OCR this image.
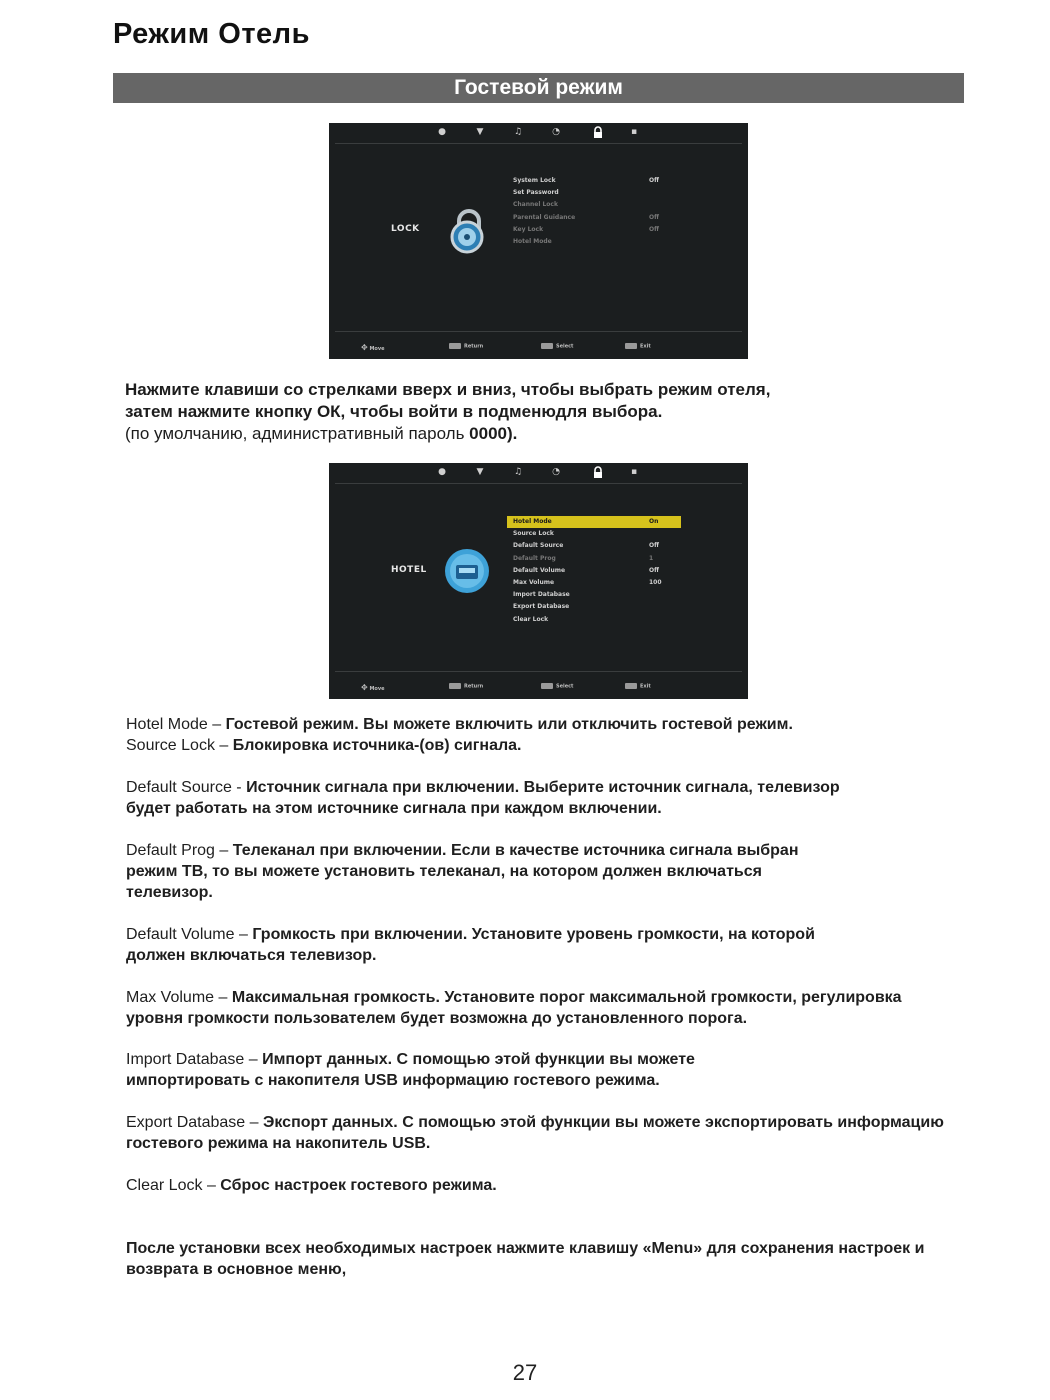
Режим Отель
Гостевой режим
●	▼	♫	◔	▪
LOCK
System Lock	Off
Set Password
Channel Lock
Parental Guidance	Off
Key Lock	Off
Hotel Mode
✥ Move	Return	Select	Exit

Нажмите клавиши со стрелками вверх и вниз, чтобы выбрать режим отеля,
затем нажмите кнопку ОК, чтобы войти в подменюдля выбора.
(по умолчанию, административный пароль 0000).

●	▼	♫	◔	▪
HOTEL
Hotel Mode	On
Source Lock
Default Source	Off
Default Prog	1
Default Volume	Off
Max Volume	100
Import Database
Export Database
Clear Lock
✥ Move	Return	Select	Exit

Hotel Mode – Гостевой режим. Вы можете включить или отключить гостевой режим.

Source Lock – Блокировка источника-(ов) сигнала.

Default Source - Источник сигнала при включении. Выберите источник сигнала, телевизор будет работать на этом источнике сигнала при каждом включении.

Default Prog – Телеканал при включении. Если в качестве источника сигнала выбран режим ТВ, то вы можете установить телеканал, на котором должен включаться телевизор.

Default Volume – Громкость при включении. Установите уровень громкости, на которой должен включаться телевизор.

Max Volume – Максимальная громкость. Установите порог максимальной громкости, регулировка уровня громкости пользователем будет возможна до установленного порога.

Import Database – Импорт данных. С помощью этой функции вы можете импортировать с накопителя USB информацию гостевого режима.

Export Database – Экспорт данных. С помощью этой функции вы можете экспортировать информацию гостевого режима на накопитель USB.

Clear Lock – Сброс настроек гостевого режима.

После установки всех необходимых настроек нажмите клавишу «Menu» для сохранения настроек и возврата в основное меню,

27
